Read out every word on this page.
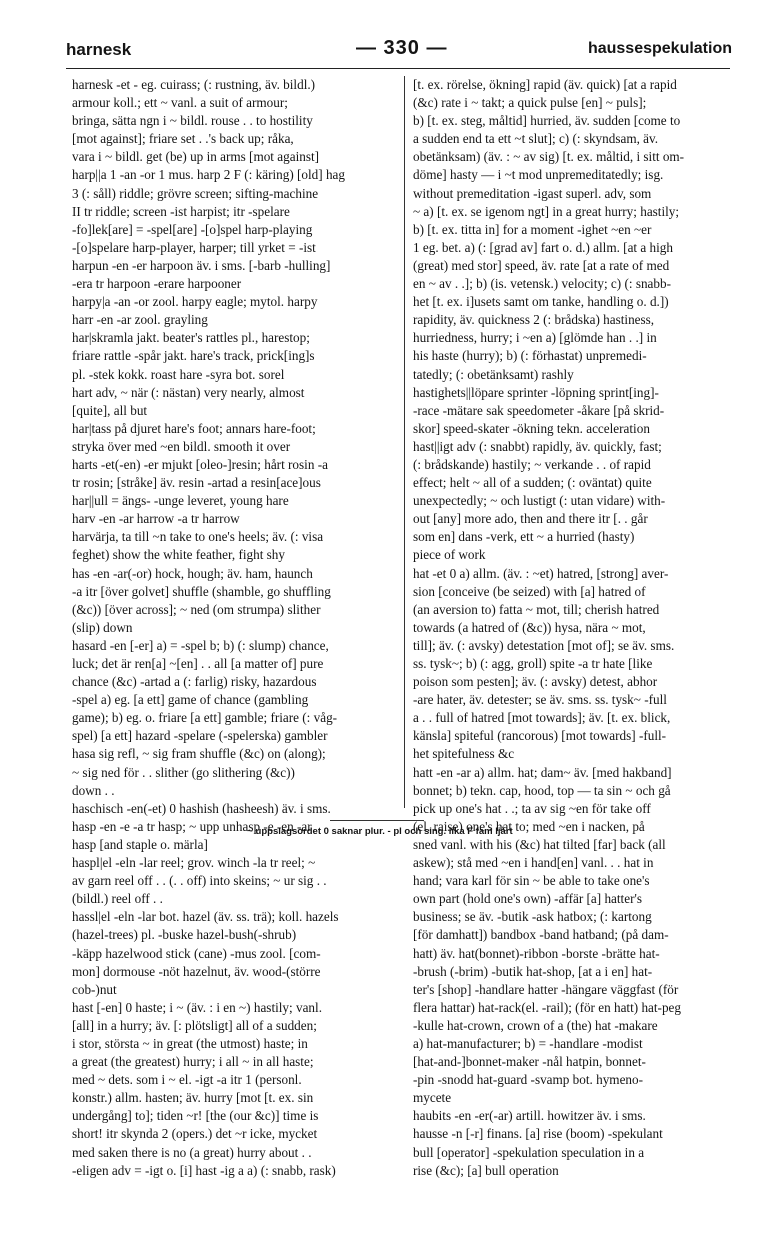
harnesk	— 330 —	haussespekulation
harnesk -et - eg. cuirass; (: rustning, äv. bildl.)
armour koll.; ett ~ vanl. a suit of armour;
bringa, sätta ngn i ~ bildl. rouse . . to hostility
[mot against]; friare set . .'s back up; råka,
vara i ~ bildl. get (be) up in arms [mot against]
harp||a 1 -an -or 1 mus. harp 2 F (: käring) [old] hag
3 (: såll) riddle; grövre screen; sifting-machine
II tr riddle; screen -ist harpist; itr -spelare
-fo]lek[are] = -spel[are] -[o]spel harp-playing
-[o]spelare harp-player, harper; till yrket = -ist
harpun -en -er harpoon äv. i sms. [-barb -hulling]
-era tr harpoon -erare harpooner
harpy|a -an -or zool. harpy eagle; mytol. harpy
harr -en -ar zool. grayling
har|skramla jakt. beater's rattles pl., harestop;
friare rattle -spår jakt. hare's track, prick[ing]s
pl. -stek kokk. roast hare -syra bot. sorel
hart adv, ~ när (: nästan) very nearly, almost
[quite], all but
har|tass på djuret hare's foot; annars hare-foot;
stryka över med ~en bildl. smooth it over
harts -et(-en) -er mjukt [oleo-]resin; hårt rosin -a
tr rosin; [stråke] äv. resin -artad a resin[ace]ous
har||ull = ängs- -unge leveret, young hare
harv -en -ar harrow -a tr harrow
harvärja, ta till ~n take to one's heels; äv. (: visa
feghet) show the white feather, fight shy
has -en -ar(-or) hock, hough; äv. ham, haunch
-a itr [över golvet] shuffle (shamble, go shuffling
(&c)) [över across]; ~ ned (om strumpa) slither
(slip) down
hasard -en [-er] a) = -spel b; b) (: slump) chance,
luck; det är ren[a] ~[en] . . all [a matter of] pure
chance (&c) -artad a (: farlig) risky, hazardous
-spel a) eg. [a ett] game of chance (gambling
game); b) eg. o. friare [a ett] gamble; friare (: våg-
spel) [a ett] hazard -spelare (-spelerska) gambler
hasa sig refl, ~ sig fram shuffle (&c) on (along);
~ sig ned för . . slither (go slithering (&c))
down . .
haschisch -en(-et) 0 hashish (hasheesh) äv. i sms.
hasp -en -e -a tr hasp; ~ upp unhasp -e -en -ar
hasp [and staple o. märla]
haspl|el -eln -lar reel; grov. winch -la tr reel; ~
av garn reel off . . (. . off) into skeins; ~ ur sig . .
(bildl.) reel off . .
hassl|el -eln -lar bot. hazel (äv. ss. trä); koll. hazels
(hazel-trees) pl. -buske hazel-bush(-shrub)
-käpp hazelwood stick (cane) -mus zool. [com-
mon] dormouse -nöt hazelnut, äv. wood-(större
cob-)nut
hast [-en] 0 haste; i ~ (äv. : i en ~) hastily; vanl.
[all] in a hurry; äv. [: plötsligt] all of a sudden;
i stor, största ~ in great (the utmost) haste; in
a great (the greatest) hurry; i all ~ in all haste;
med ~ dets. som i ~ el. -igt -a itr 1 (personl.
konstr.) allm. hasten; äv. hurry [mot [t. ex. sin
undergång] to]; tiden ~r! [the (our &c)] time is
short! itr skynda 2 (opers.) det ~r icke, mycket
med saken there is no (a great) hurry about . .
-eligen adv = -igt o. [i] hast -ig a a) (: snabb, rask)
[t. ex. rörelse, ökning] rapid (äv. quick) [at a rapid
(&c) rate i ~ takt; a quick pulse [en] ~ puls];
b) [t. ex. steg, måltid] hurried, äv. sudden [come to
a sudden end ta ett ~t slut]; c) (: skyndsam, äv.
obetänksam) (äv. : ~ av sig) [t. ex. måltid, i sitt om-
döme] hasty — i ~t mod unpremeditatedly; isg.
without premeditation -igast superl. adv, som
~ a) [t. ex. se igenom ngt] in a great hurry; hastily;
b) [t. ex. titta in] for a moment -ighet ~en ~er
1 eg. bet. a) (: [grad av] fart o. d.) allm. [at a high
(great) med stor] speed, äv. rate [at a rate of med
en ~ av . .]; b) (is. vetensk.) velocity; c) (: snabb-
het [t. ex. i]usets samt om tanke, handling o. d.])
rapidity, äv. quickness 2 (: brådska) hastiness,
hurriedness, hurry; i ~en a) [glömde han . .] in
his haste (hurry); b) (: förhastat) unpremedi-
tatedly; (: obetänksamt) rashly
hastighets||löpare sprinter -löpning sprint[ing]-
-race -mätare sak speedometer -åkare [på skrid-
skor] speed-skater -ökning tekn. acceleration
hast||igt adv (: snabbt) rapidly, äv. quickly, fast;
(: brådskande) hastily; ~ verkande . . of rapid
effect; helt ~ all of a sudden; (: oväntat) quite
unexpectedly; ~ och lustigt (: utan vidare) with-
out [any] more ado, then and there itr [. . går
som en] dans -verk, ett ~ a hurried (hasty)
piece of work
hat -et 0 a) allm. (äv. : ~et) hatred, [strong] aver-
sion [conceive (be seized) with [a] hatred of
(an aversion to) fatta ~ mot, till; cherish hatred
towards (a hatred of (&c)) hysa, nära ~ mot,
till]; äv. (: avsky) detestation [mot of]; se äv. sms.
ss. tysk~; b) (: agg, groll) spite -a tr hate [like
poison som pesten]; äv. (: avsky) detest, abhor
-are hater, äv. detester; se äv. sms. ss. tysk~ -full
a . . full of hatred [mot towards]; äv. [t. ex. blick,
känsla] spiteful (rancorous) [mot towards] -full-
het spitefulness &c
hatt -en -ar a) allm. hat; dam~ äv. [med hakband]
bonnet; b) tekn. cap, hood, top — ta sin ~ och gå
pick up one's hat . .; ta av sig ~en för take off
(el. raise) one's hat to; med ~en i nacken, på
sned vanl. with his (&c) hat tilted [far] back (all
askew); stå med ~en i hand[en] vanl. . . hat in
hand; vara karl för sin ~ be able to take one's
own part (hold one's own) -affär [a] hatter's
business; se äv. -butik -ask hatbox; (: kartong
[för damhatt]) bandbox -band hatband; (på dam-
hatt) äv. hat(bonnet)-ribbon -borste -brätte hat-
-brush (-brim) -butik hat-shop, [at a i en] hat-
ter's [shop] -handlare hatter -hängare väggfast (för
flera hattar) hat-rack(el. -rail); (för en hatt) hat-peg
-kulle hat-crown, crown of a (the) hat -makare
a) hat-manufacturer; b) = -handlare -modist
[hat-and-]bonnet-maker -nål hatpin, bonnet-
-pin -snodd hat-guard -svamp bot. hymeno-
mycete
haubits -en -er(-ar) artill. howitzer äv. i sms.
hausse -n [-r] finans. [a] rise (boom) -spekulant
bull [operator] -spekulation speculation in a
rise (&c); [a] bull operation
~ uppslagsordet 0 saknar plur. - pl och sing. lika F fam ljårt
